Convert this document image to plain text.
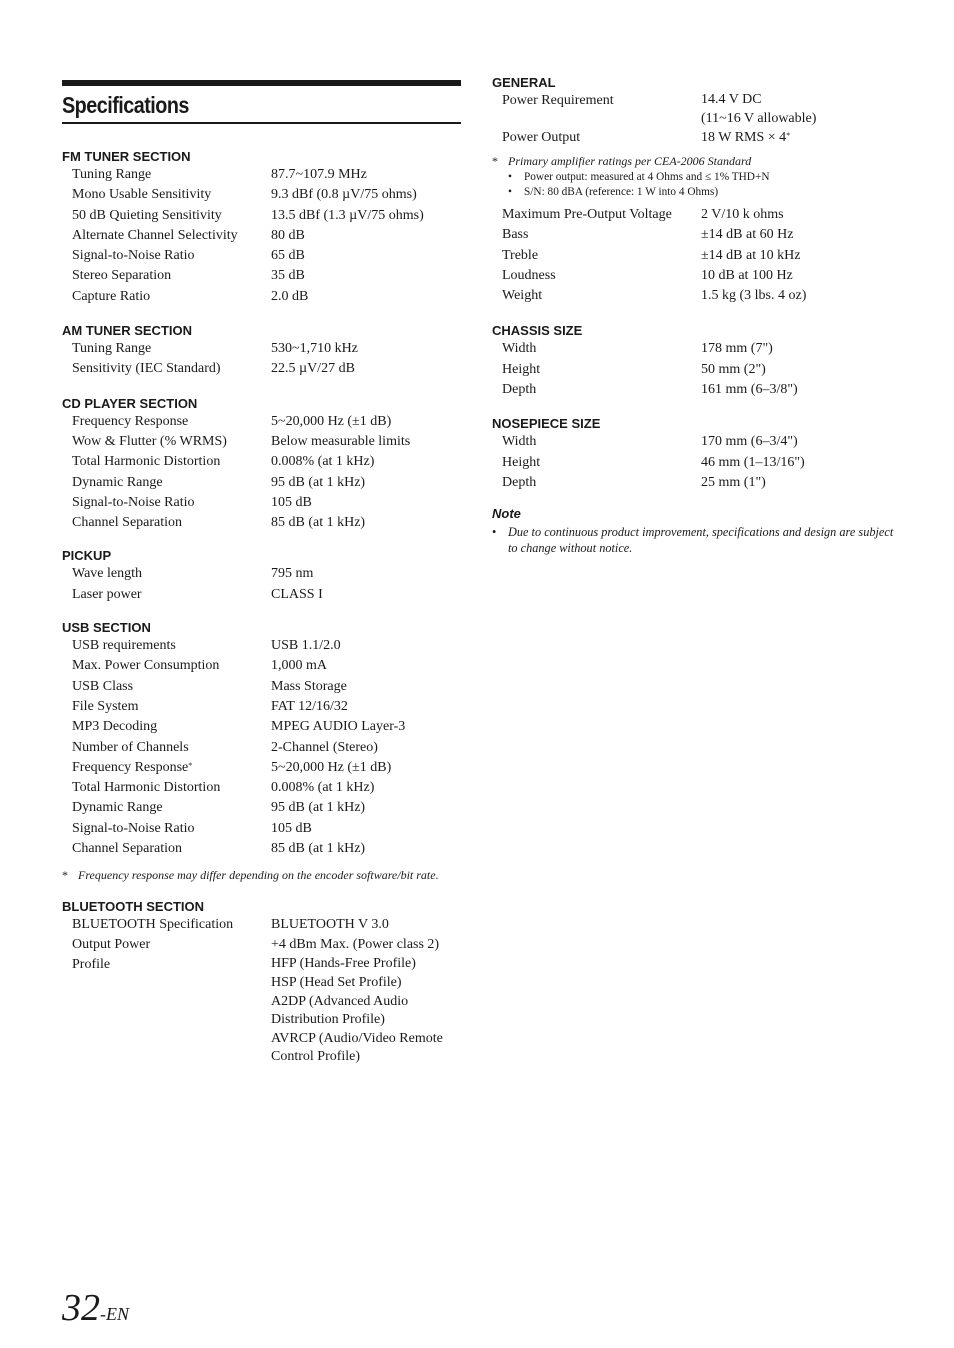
Specifications
FM TUNER SECTION
Tuning Range	87.7~107.9 MHz
Mono Usable Sensitivity	9.3 dBf (0.8 µV/75 ohms)
50 dB Quieting Sensitivity	13.5 dBf (1.3 µV/75 ohms)
Alternate Channel Selectivity	80 dB
Signal-to-Noise Ratio	65 dB
Stereo Separation	35 dB
Capture Ratio	2.0 dB
AM TUNER SECTION
Tuning Range	530~1,710 kHz
Sensitivity (IEC Standard)	22.5 µV/27 dB
CD PLAYER SECTION
Frequency Response	5~20,000 Hz (±1 dB)
Wow & Flutter (% WRMS)	Below measurable limits
Total Harmonic Distortion	0.008% (at 1 kHz)
Dynamic Range	95 dB (at 1 kHz)
Signal-to-Noise Ratio	105 dB
Channel Separation	85 dB (at 1 kHz)
PICKUP
Wave length	795 nm
Laser power	CLASS I
USB SECTION
USB requirements	USB 1.1/2.0
Max. Power Consumption	1,000 mA
USB Class	Mass Storage
File System	FAT 12/16/32
MP3 Decoding	MPEG AUDIO Layer-3
Number of Channels	2-Channel (Stereo)
Frequency Response*	5~20,000 Hz (±1 dB)
Total Harmonic Distortion	0.008% (at 1 kHz)
Dynamic Range	95 dB (at 1 kHz)
Signal-to-Noise Ratio	105 dB
Channel Separation	85 dB (at 1 kHz)
* Frequency response may differ depending on the encoder software/bit rate.
BLUETOOTH SECTION
BLUETOOTH Specification	BLUETOOTH V 3.0
Output Power	+4 dBm Max. (Power class 2)
Profile	HFP (Hands-Free Profile)
HSP (Head Set Profile)
A2DP (Advanced Audio
Distribution Profile)
AVRCP (Audio/Video Remote
Control Profile)
GENERAL
Power Requirement	14.4 V DC
(11~16 V allowable)
Power Output	18 W RMS × 4*
* Primary amplifier ratings per CEA-2006 Standard
•	Power output: measured at 4 Ohms and ≤ 1% THD+N
•	S/N: 80 dBA (reference: 1 W into 4 Ohms)
Maximum Pre-Output Voltage	2 V/10 k ohms
Bass	±14 dB at 60 Hz
Treble	±14 dB at 10 kHz
Loudness	10 dB at 100 Hz
Weight	1.5 kg (3 lbs. 4 oz)
CHASSIS SIZE
Width	178 mm (7")
Height	50 mm (2")
Depth	161 mm (6–3/8")
NOSEPIECE SIZE
Width	170 mm (6–3/4")
Height	46 mm (1–13/16")
Depth	25 mm (1")
Note
• Due to continuous product improvement, specifications and design are subject to change without notice.
32-EN
